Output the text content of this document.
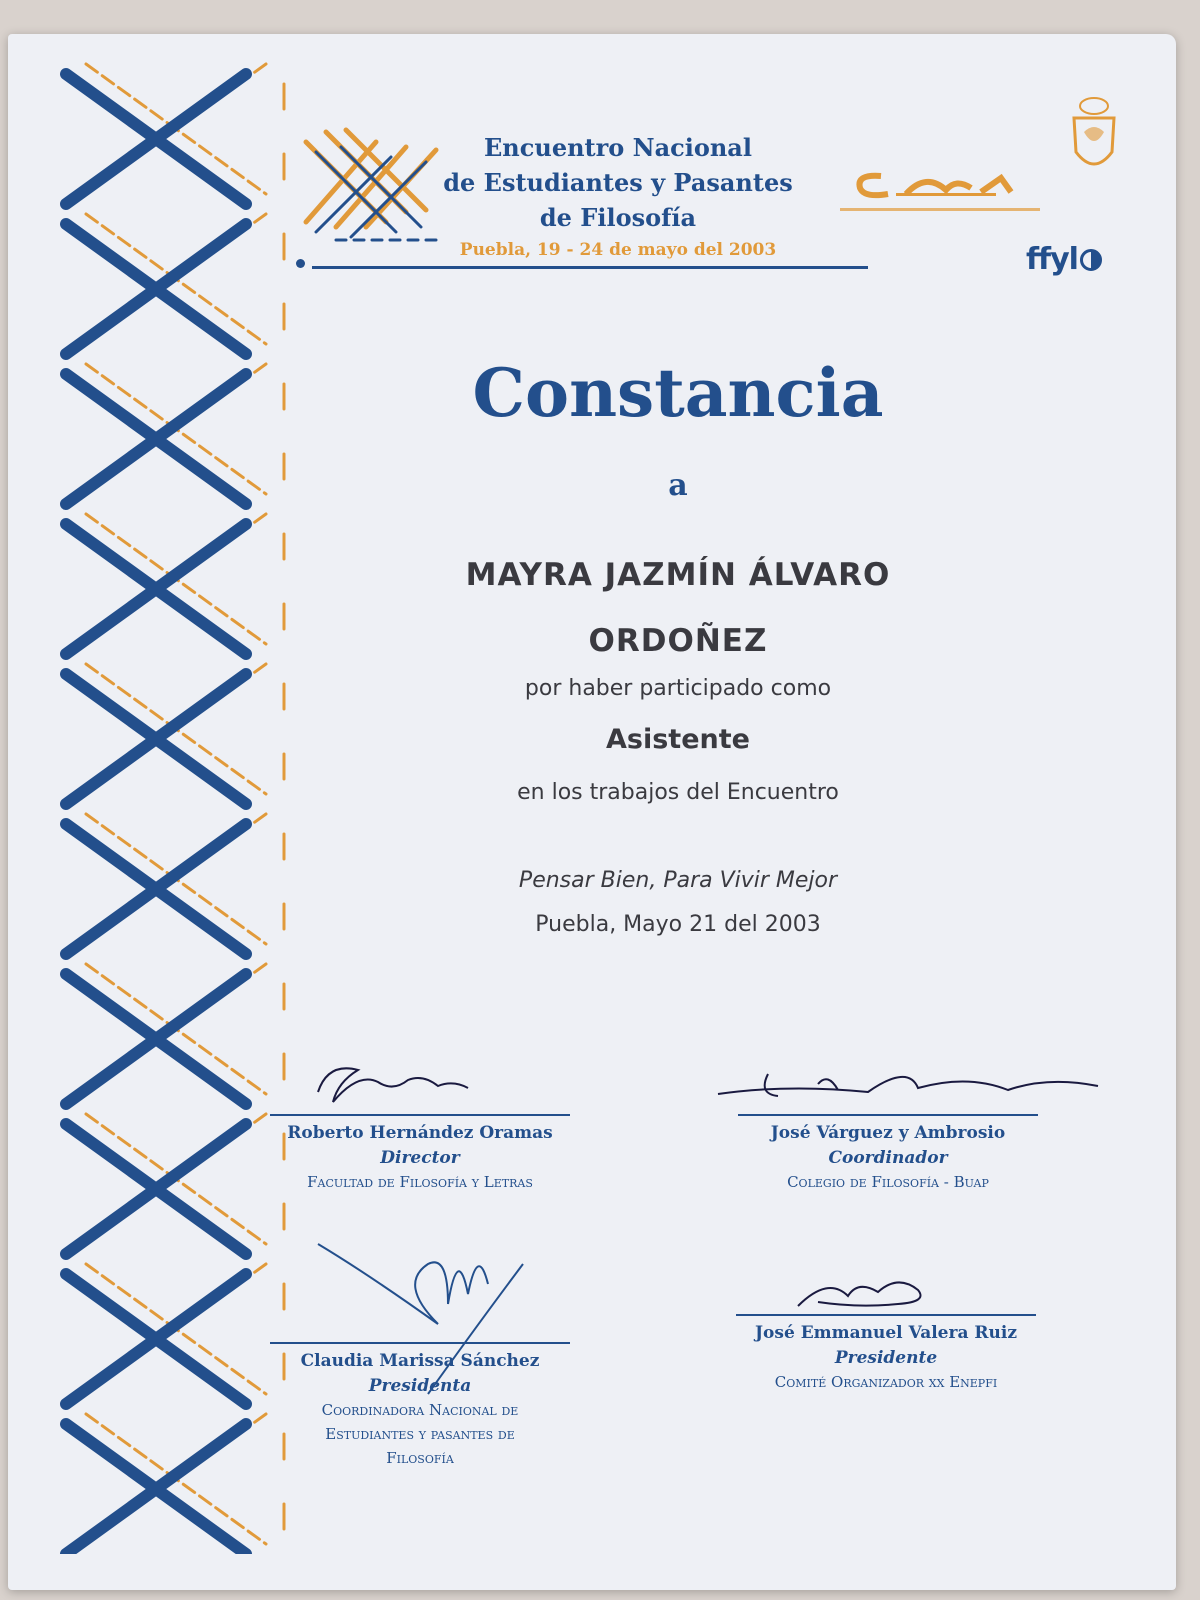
Encuentro Nacional
de Estudiantes y Pasantes
de Filosofía
Puebla, 19 - 24 de mayo del 2003	ffyl
Constancia
a
MAYRA JAZMÍN ÁLVARO
ORDOÑEZ
por haber participado como
Asistente
en los trabajos del Encuentro
Pensar Bien, Para Vivir Mejor
Puebla, Mayo 21 del 2003
Roberto Hernández Oramas
Director
Facultad de Filosofía y Letras
José Várguez y Ambrosio
Coordinador
Colegio de Filosofía - Buap
Claudia Marissa Sánchez
Presidenta
Coordinadora Nacional de
Estudiantes y pasantes de
Filosofía
José Emmanuel Valera Ruiz
Presidente
Comité Organizador xx Enepfi
